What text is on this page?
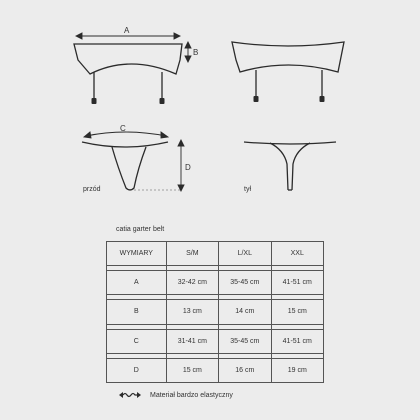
A
B
C
D
przód	tył
catia garter belt
WYMIARY	S/M	L/XL	XXL

A	32-42 cm	35-45 cm	41-51 cm

B	13 cm	14 cm	15 cm

C	31-41 cm	35-45 cm	41-51 cm

D	15 cm	16 cm	19 cm
Materiał bardzo elastyczny
